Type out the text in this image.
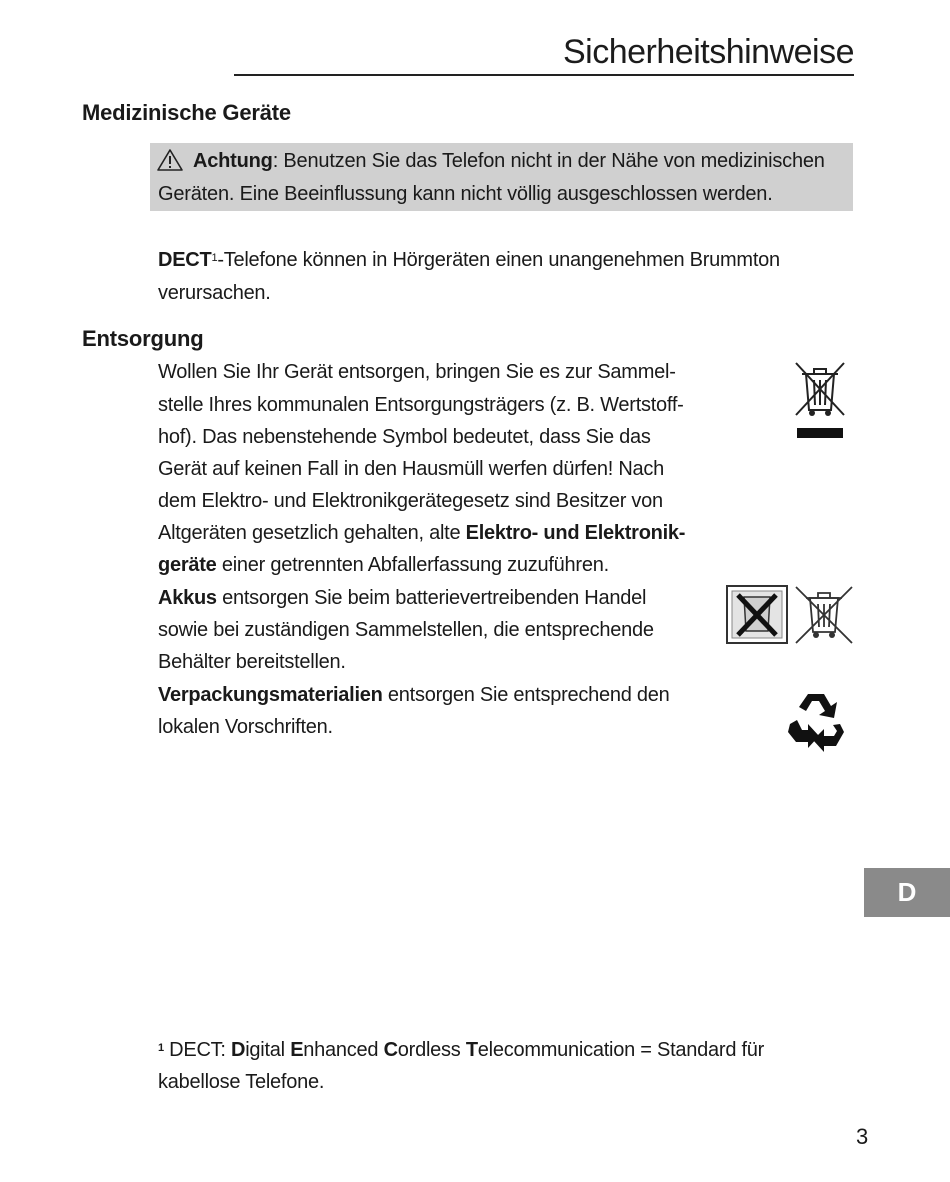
Sicherheitshinweise
Medizinische Geräte
Achtung: Benutzen Sie das Telefon nicht in der Nähe von medizinischen
Geräten. Eine Beeinflussung kann nicht völlig ausgeschlossen werden.
DECT$^1$-Telefone können in Hörgeräten einen unangenehmen Brummton
verursachen.
Entsorgung
Wollen Sie Ihr Gerät entsorgen, bringen Sie es zur Sammel-
stelle Ihres kommunalen Entsorgungsträgers (z. B. Wertstoff-
hof). Das nebenstehende Symbol bedeutet, dass Sie das
Gerät auf keinen Fall in den Hausmüll werfen dürfen! Nach
dem Elektro- und Elektronikgerätegesetz sind Besitzer von
Altgeräten gesetzlich gehalten, alte Elektro- und Elektronik-
geräte einer getrennten Abfallerfassung zuzuführen.
Akkus entsorgen Sie beim batterievertreibenden Handel
sowie bei zuständigen Sammelstellen, die entsprechende
Behälter bereitstellen.
Verpackungsmaterialien entsorgen Sie entsprechend den
lokalen Vorschriften.
D
$^1$ DECT: Digital Enhanced Cordless Telecommunication = Standard für
kabellose Telefone.
3
